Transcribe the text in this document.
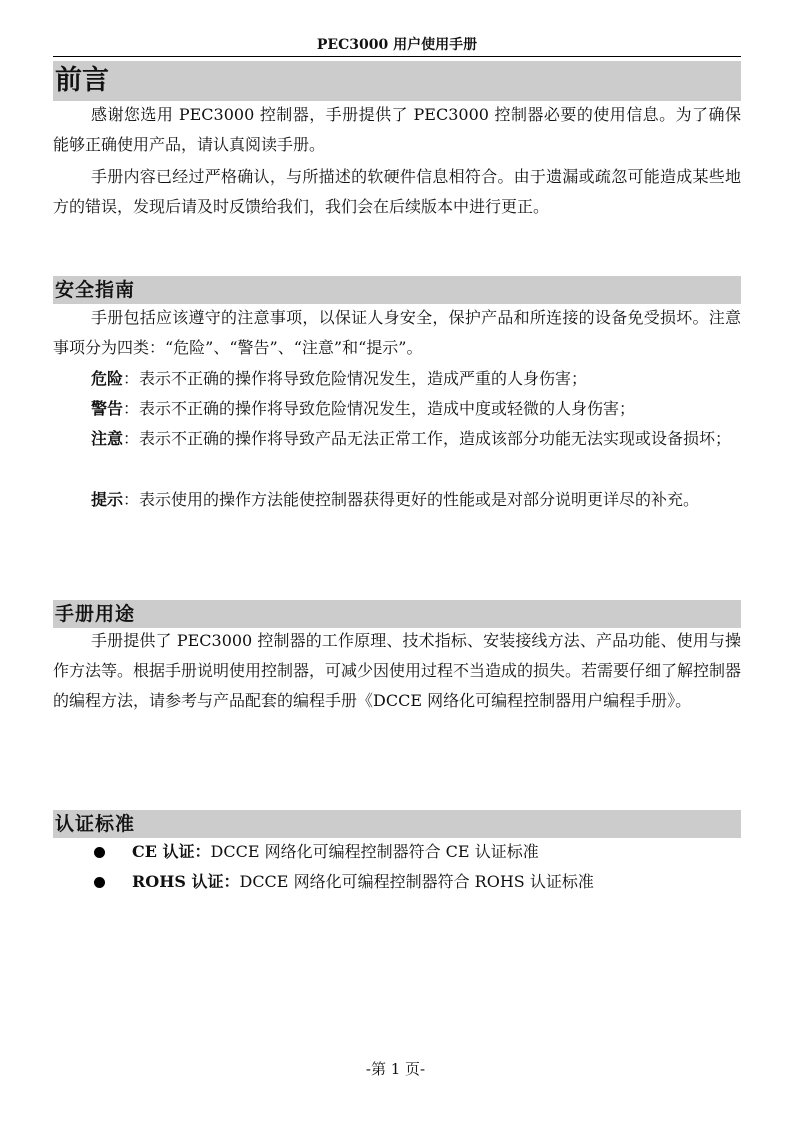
PEC3000 用户使用手册
前言

感谢您选用 PEC3000 控制器，手册提供了 PEC3000 控制器必要的使用信息。为了确保能够正确使用产品，请认真阅读手册。

手册内容已经过严格确认，与所描述的软硬件信息相符合。由于遗漏或疏忽可能造成某些地方的错误，发现后请及时反馈给我们，我们会在后续版本中进行更正。

安全指南

手册包括应该遵守的注意事项，以保证人身安全，保护产品和所连接的设备免受损坏。注意事项分为四类：“危险”、“警告”、“注意”和“提示”。

危险：表示不正确的操作将导致危险情况发生，造成严重的人身伤害；

警告：表示不正确的操作将导致危险情况发生，造成中度或轻微的人身伤害；

注意：表示不正确的操作将导致产品无法正常工作，造成该部分功能无法实现或设备损坏；

提示：表示使用的操作方法能使控制器获得更好的性能或是对部分说明更详尽的补充。

手册用途

手册提供了 PEC3000 控制器的工作原理、技术指标、安装接线方法、产品功能、使用与操作方法等。根据手册说明使用控制器，可减少因使用过程不当造成的损失。若需要仔细了解控制器的编程方法，请参考与产品配套的编程手册《DCCE 网络化可编程控制器用户编程手册》。

认证标准
CE 认证：DCCE 网络化可编程控制器符合 CE 认证标准
ROHS 认证：DCCE 网络化可编程控制器符合 ROHS 认证标准
-第 1 页-
